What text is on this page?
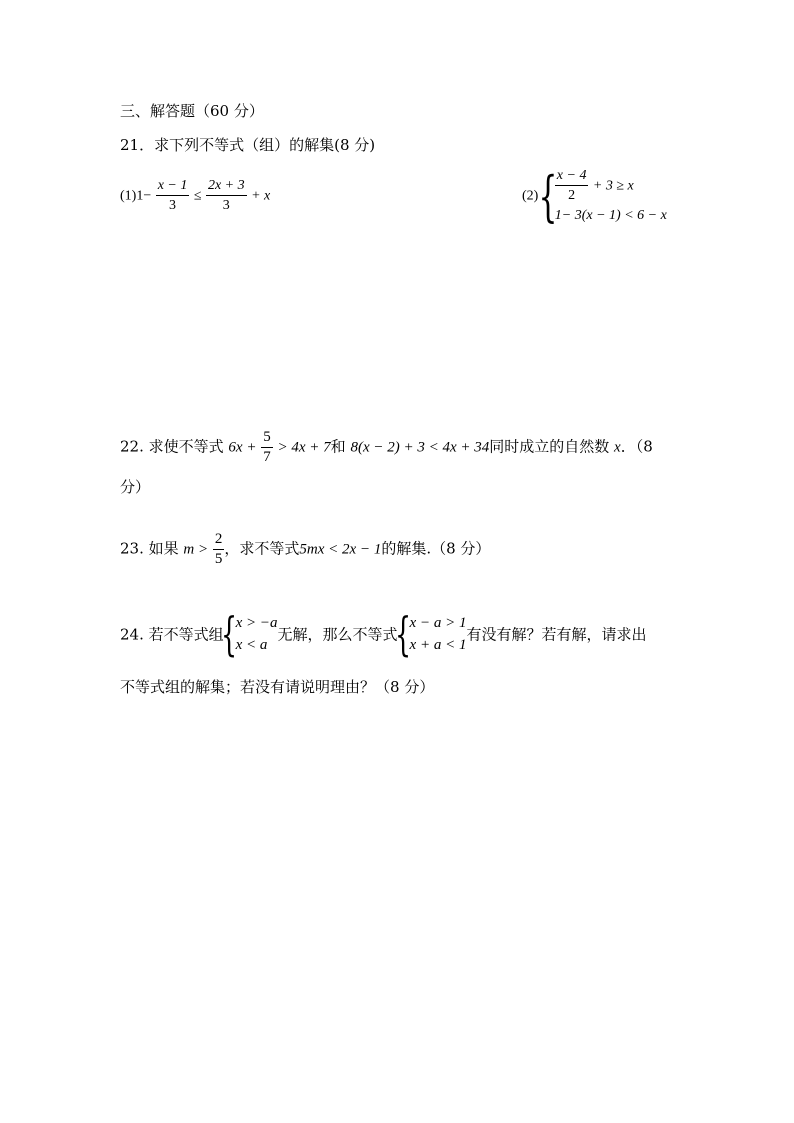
三、解答题（60 分）
21．求下列不等式（组）的解集(8 分)
$(1)1- \frac{x - 1}{3} \le \frac{2x + 3}{3} + x$	(2) {
$\frac{x - 4}{2} + 3 \ge x$
1− 3(x − 1) < 6 − x
22. 求使不等式 $6x + \frac{5}{7} > 4x + 7$和 8(x − 2) + 3 < 4x + 34同时成立的自然数 x．（8
分）
23. 如果 $m > \frac{2}{5}$ ，求不等式5mx < 2x − 1的解集.（8 分）
24. 若不等式组
{
x > −a
x < a
无解，那么不等式
{
x − a > 1
x + a < 1
有没有解？若有解，请求出
不等式组的解集；若没有请说明理由？（8 分）
